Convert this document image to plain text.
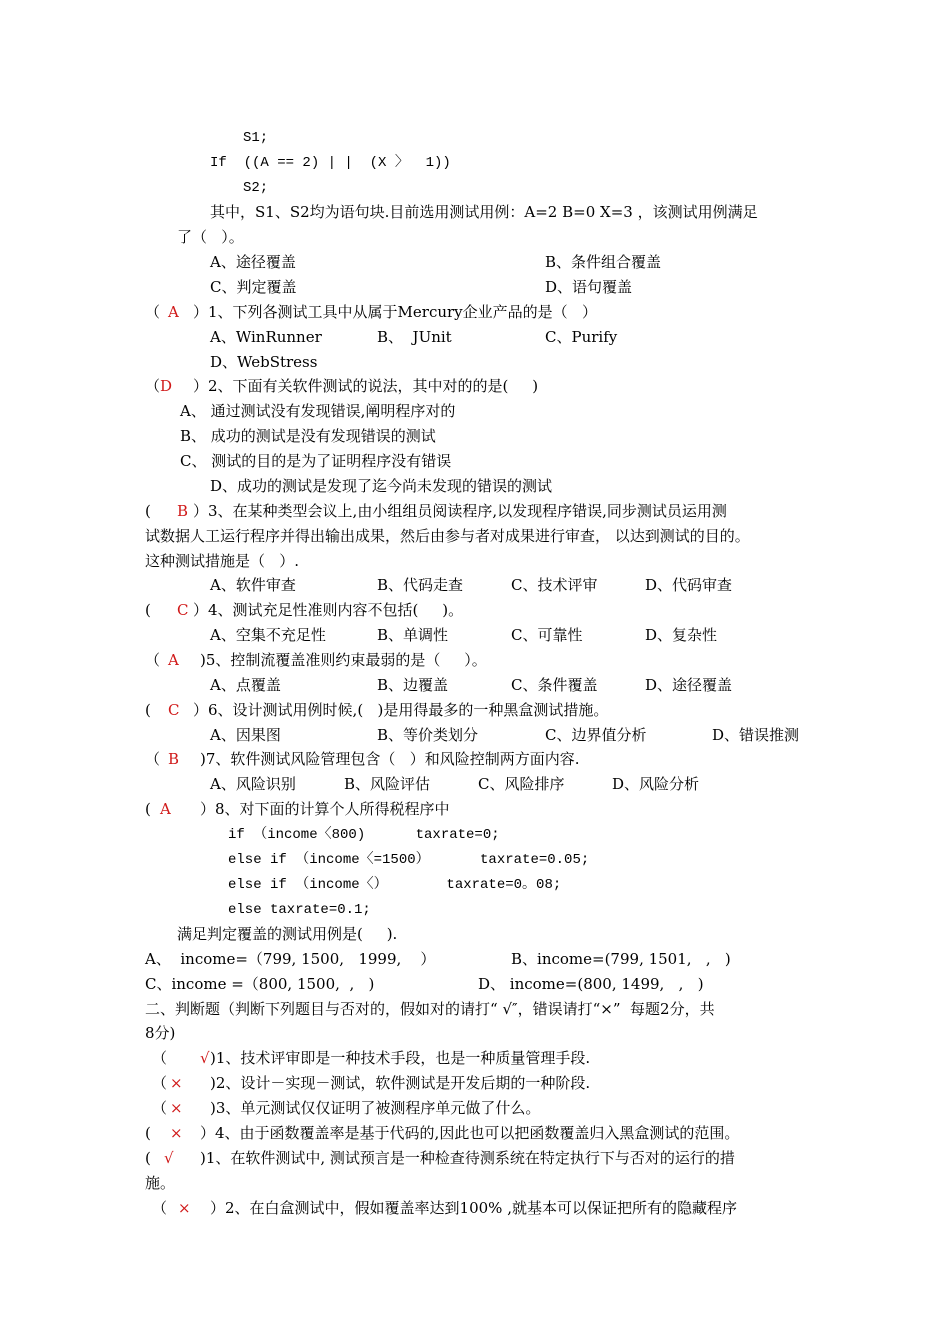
S1;
If  ((A == 2) | |  (X 〉  1))
S2;
其中，S1、S2均为语句块.目前选用测试用例：A=2 B=0 X=3 ，该测试用例满足
了（   ）。
A、途径覆盖	B、条件组合覆盖
C、判定覆盖	D、语句覆盖
（ A ）1、下列各测试工具中从属于Mercury企业产品的是（   ）
A、WinRunner	B、  JUnit	C、Purify
D、WebStress
（ D ）2、下面有关软件测试的说法，其中对的的是(     )
A、 通过测试没有发现错误,阐明程序对的
B、 成功的测试是没有发现错误的测试
C、 测试的目的是为了证明程序没有错误
D、成功的测试是发现了迄今尚未发现的错误的测试
( B ）3、在某种类型会议上,由小组组员阅读程序,以发现程序错误,同步测试员运用测
试数据人工运行程序并得出输出成果，然后由参与者对成果进行审查， 以达到测试的目的。
这种测试措施是（   ）.
A、软件审查	B、代码走查	C、技术评审	D、代码审查
( C ）4、测试充足性准则内容不包括(     )。
A、空集不充足性	B、单调性	C、可靠性	D、复杂性
（ A )5、控制流覆盖准则约束最弱的是（     ）。
A、点覆盖	B、边覆盖	C、条件覆盖	D、途径覆盖
( C ）6、设计测试用例时候,(   )是用得最多的一种黑盒测试措施。
A、因果图	B、等价类划分	C、边界值分析	D、错误推测
（ B )7、软件测试风险管理包含（   ）和风险控制两方面内容.
A、风险识别	B、风险评估	C、风险排序	D、风险分析
( A ）8、对下面的计算个人所得税程序中
if （income〈800)      taxrate=0;
else if （income〈=1500）      taxrate=0.05;
else if （income〈）       taxrate=0。08;
else taxrate=0.1;
满足判定覆盖的测试用例是(     ).
A、  income=（799, 1500,   1999,    ）	B、income=(799, 1501,   ,   )
C、income =（800, 1500,  ,   )	D、 income=(800, 1499,   ,   )
二、判断题（判断下列题目与否对的，假如对的请打“ √″，错误请打“×”  每题2分，共
8分)
（ √ )1、技术评审即是一种技术手段，也是一种质量管理手段.
（ × )2、设计－实现－测试，软件测试是开发后期的一种阶段.
（ × )3、单元测试仅仅证明了被测程序单元做了什么。
( × ）4、由于函数覆盖率是基于代码的,因此也可以把函数覆盖归入黑盒测试的范围。
( √ )1、在软件测试中, 测试预言是一种检查待测系统在特定执行下与否对的运行的措
施。
（ × ）2、在白盒测试中，假如覆盖率达到100% ,就基本可以保证把所有的隐藏程序
